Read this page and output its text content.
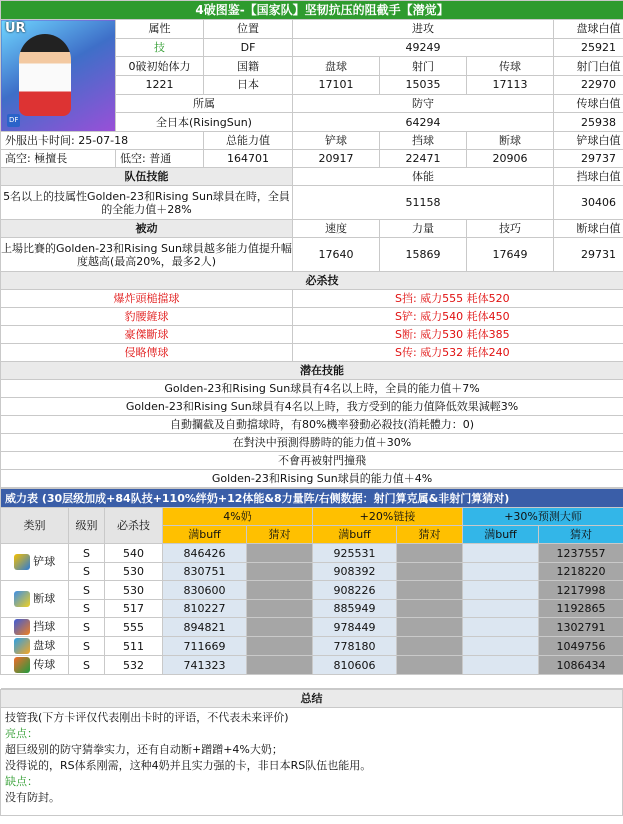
4破图鉴-【国家队】坚韧抗压的阻截手【潜觉】						

UR
DF	属性	位置	进攻			盘球白值
	技	DF	49249			25921
	0破初始体力	国籍	盘球	射门	传球	射门白值
	1221	日本	17101	15035	17113	22970
	所属		防守			传球白值
	全日本(RisingSun)		64294			25938
外服出卡时间: 25-07-18		总能力值	铲球	挡球	断球	铲球白值
高空: 極擅長	低空: 普通	164701	20917	22471	20906	29737
队伍技能			体能			挡球白值
5名以上的技属性Golden-23和Rising Sun球員在時，全員的全能力值＋28%			51158			30406
被动			速度	力量	技巧	断球白值
上場比賽的Golden-23和Rising Sun球員越多能力值提升幅度越高(最高20%，最多2人)			17640	15869	17649	29731
必杀技						
爆炸頭槌擋球			S挡: 威力555 耗体520			
豹腰鏟球			S铲: 威力540 耗体450			
豪傑斷球			S断: 威力530 耗体385			
侵略傳球			S传: 威力532 耗体240			
潜在技能						
Golden-23和Rising Sun球員有4名以上時，全員的能力值＋7%						
Golden-23和Rising Sun球員有4名以上時，我方受到的能力值降低效果減輕3%						
自動攔截及自動擋球時，有80%機率發動必殺技(消耗體力：0)						
在對決中預測得勝時的能力值＋30%						
不會再被射門撞飛						
Golden-23和Rising Sun球員的能力值＋4%						
威力表 (30层级加成+84队技+110%绊奶+12体能&8力量阵/右侧数据：射门算克属&非射门算猜对)								
类别	级别	必杀技	4%奶		+20%链接		+30%预测大师	
			满buff	猜对	满buff	猜对	满buff	猜对
铲球	S	540	846426		925531			1237557
	S	530	830751		908392			1218220
断球	S	530	830600		908226			1217998
	S	517	810227		885949			1192865
挡球	S	555	894821		978449			1302791
盘球	S	511	711669		778180			1049756
传球	S	532	741323		810606			1086434

总结

技管我(下方卡评仅代表刚出卡时的评语，不代表未来评价)
亮点：
超巨级别的防守猜拳实力，还有自动断+蹭蹭+4%大奶；
没得说的，RS体系刚需，这种4奶并且实力强的卡，非日本RS队伍也能用。
缺点：
没有防封。
